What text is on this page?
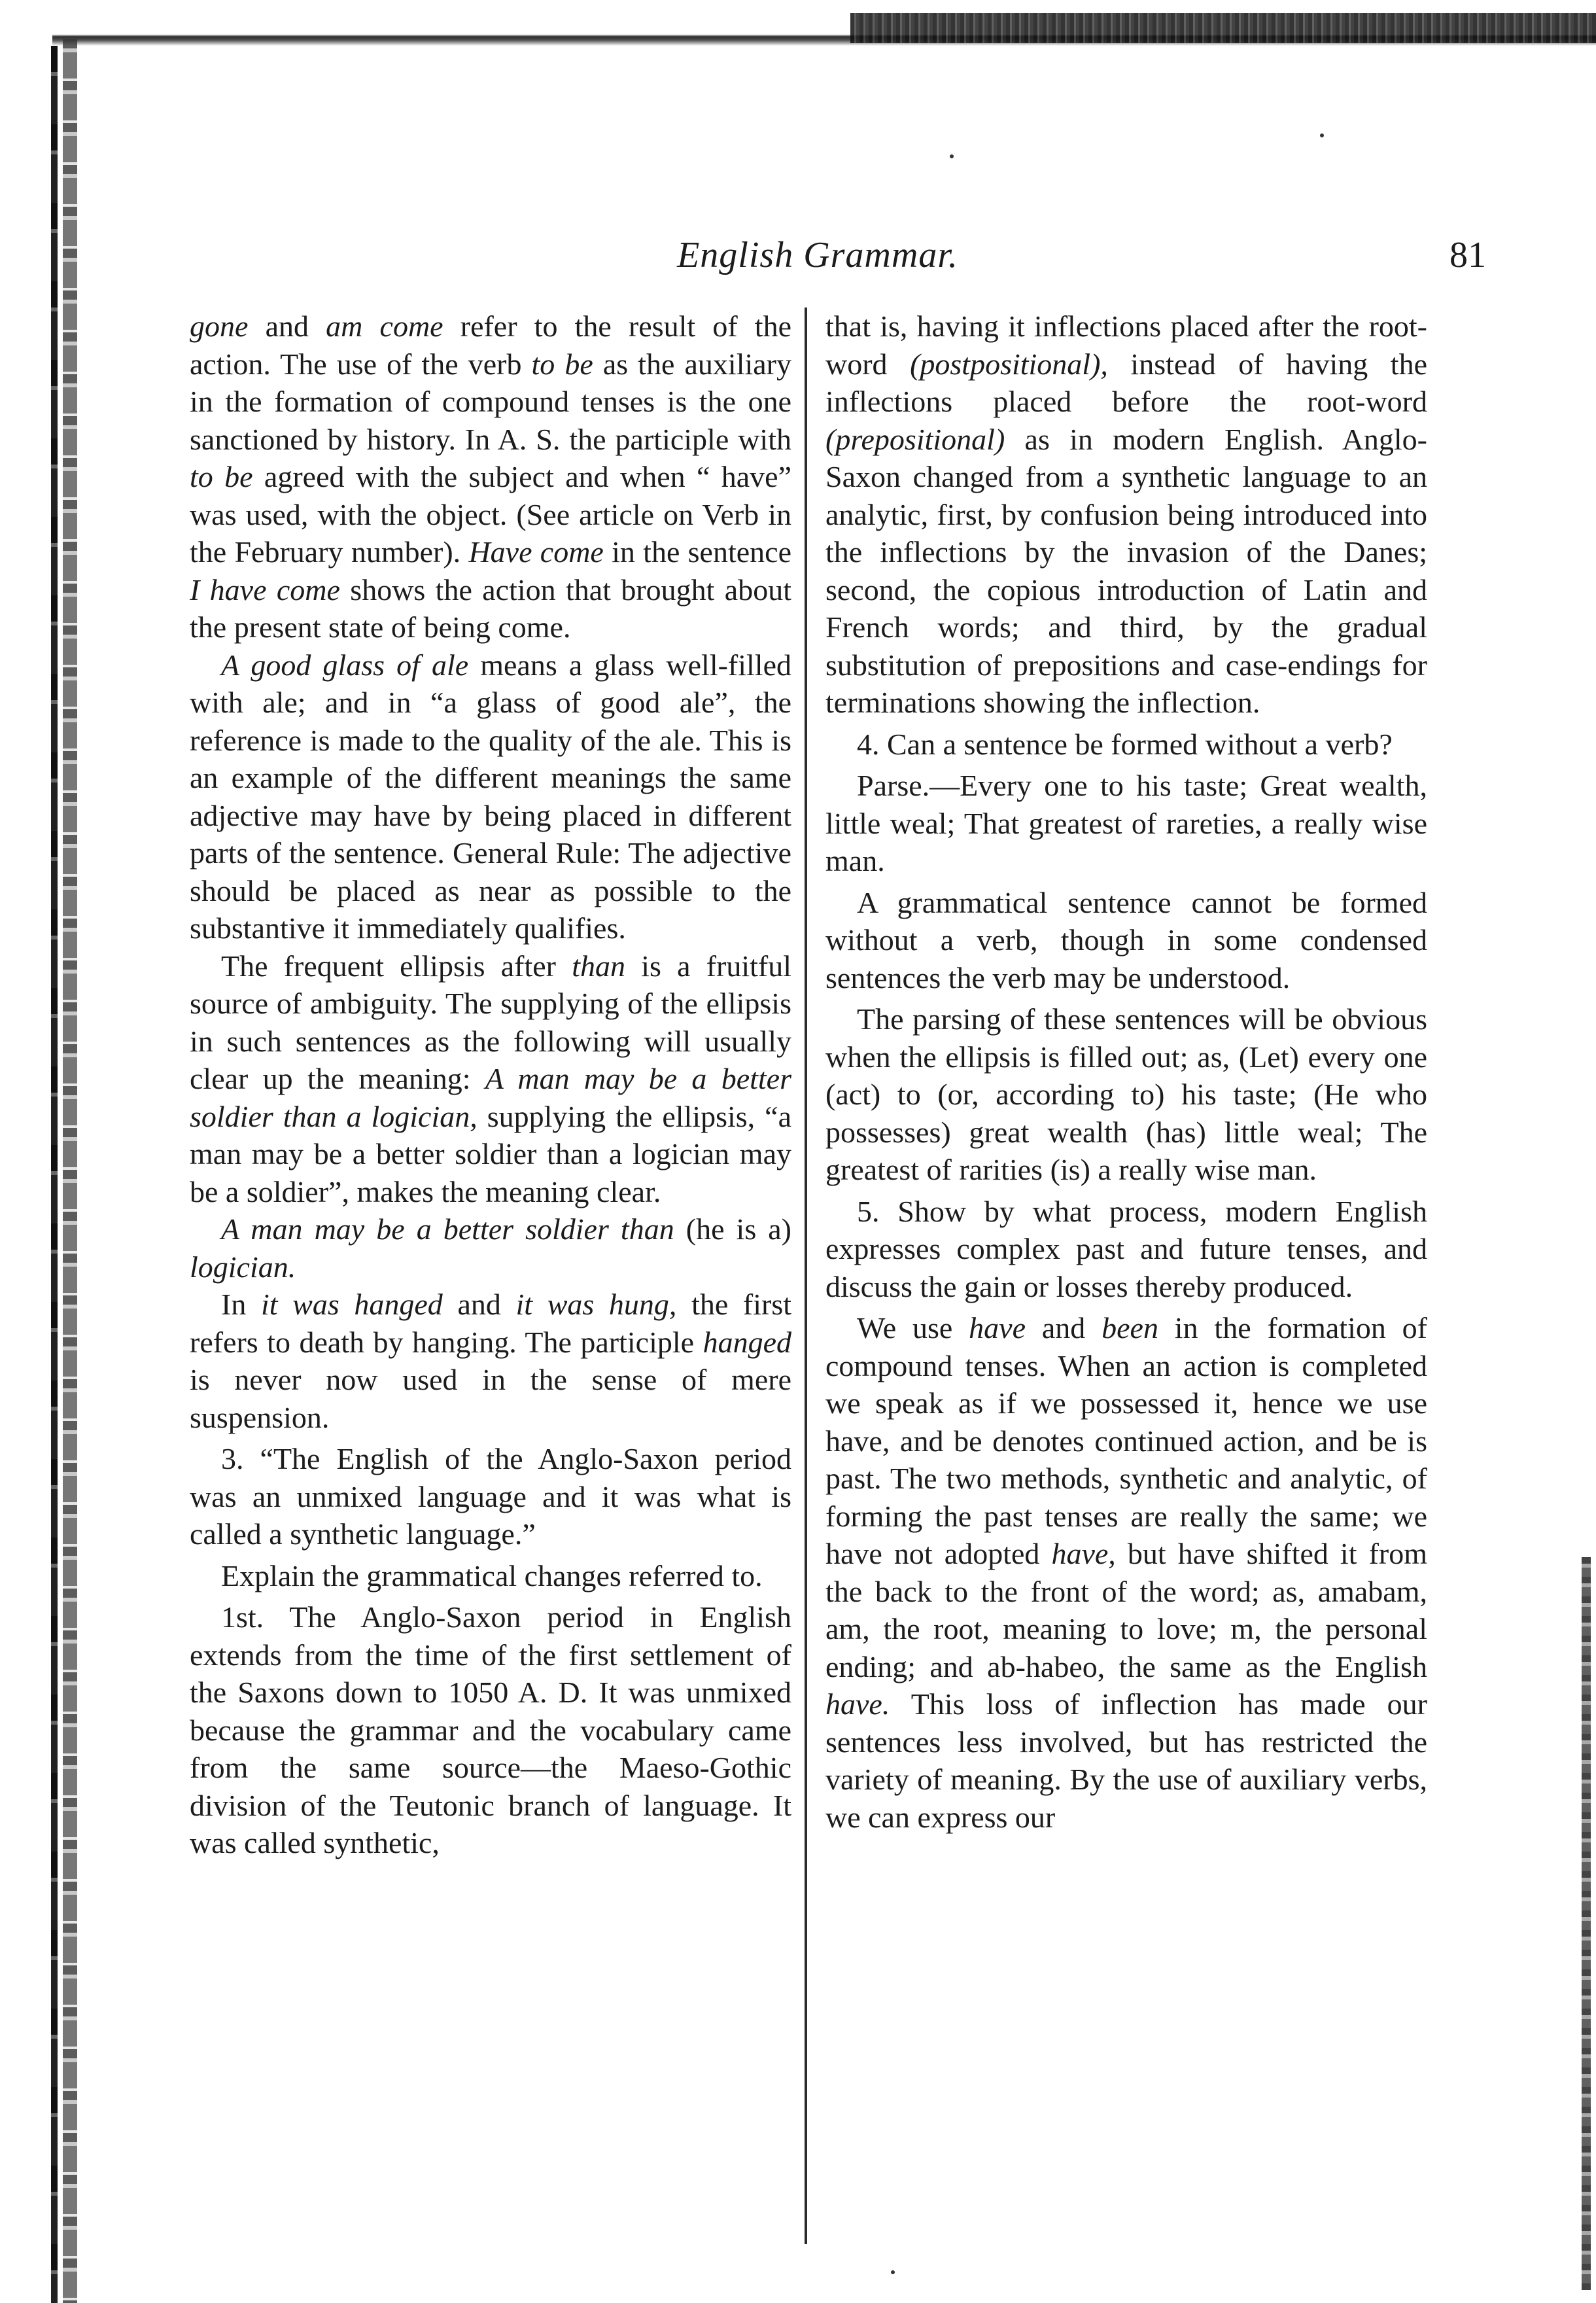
English Grammar.	81

gone and am come refer to the result of the action. The use of the verb to be as the auxiliary in the formation of compound tenses is the one sanctioned by history. In A. S. the participle with to be agreed with the subject and when “ have” was used, with the object. (See article on Verb in the February number). Have come in the sentence I have come shows the action that brought about the present state of being come.

A good glass of ale means a glass well-filled with ale; and in “a glass of good ale”, the reference is made to the quality of the ale. This is an example of the different meanings the same adjective may have by being placed in different parts of the sentence. General Rule: The adjective should be placed as near as possible to the substantive it immediately qualifies.

The frequent ellipsis after than is a fruitful source of ambiguity. The supplying of the ellipsis in such sentences as the following will usually clear up the meaning: A man may be a better soldier than a logician, supplying the ellipsis, “a man may be a better soldier than a logician may be a soldier”, makes the meaning clear.

A man may be a better soldier than (he is a) logician.

In it was hanged and it was hung, the first refers to death by hanging. The participle hanged is never now used in the sense of mere suspension.

3. “The English of the Anglo-Saxon period was an unmixed language and it was what is called a synthetic language.”

Explain the grammatical changes referred to.

1st. The Anglo-Saxon period in English extends from the time of the first settlement of the Saxons down to 1050 A. D. It was unmixed because the grammar and the vocabulary came from the same source—the Maeso-Gothic division of the Teutonic branch of language. It was called synthetic,

that is, having it inflections placed after the root-word (postpositional), instead of having the inflections placed before the root-word (prepositional) as in modern English. Anglo-Saxon changed from a synthetic language to an analytic, first, by confusion being introduced into the inflections by the invasion of the Danes; second, the copious introduction of Latin and French words; and third, by the gradual substitution of prepositions and case-endings for terminations showing the inflection.

4. Can a sentence be formed without a verb?

Parse.—Every one to his taste; Great wealth, little weal; That greatest of rareties, a really wise man.

A grammatical sentence cannot be formed without a verb, though in some condensed sentences the verb may be understood.

The parsing of these sentences will be obvious when the ellipsis is filled out; as, (Let) every one (act) to (or, according to) his taste; (He who possesses) great wealth (has) little weal; The greatest of rarities (is) a really wise man.

5. Show by what process, modern English expresses complex past and future tenses, and discuss the gain or losses thereby produced.

We use have and been in the formation of compound tenses. When an action is completed we speak as if we possessed it, hence we use have, and be denotes continued action, and be is past. The two methods, synthetic and analytic, of forming the past tenses are really the same; we have not adopted have, but have shifted it from the back to the front of the word; as, amabam, am, the root, meaning to love; m, the personal ending; and ab-habeo, the same as the English have. This loss of inflection has made our sentences less involved, but has restricted the variety of meaning. By the use of auxiliary verbs, we can express our
